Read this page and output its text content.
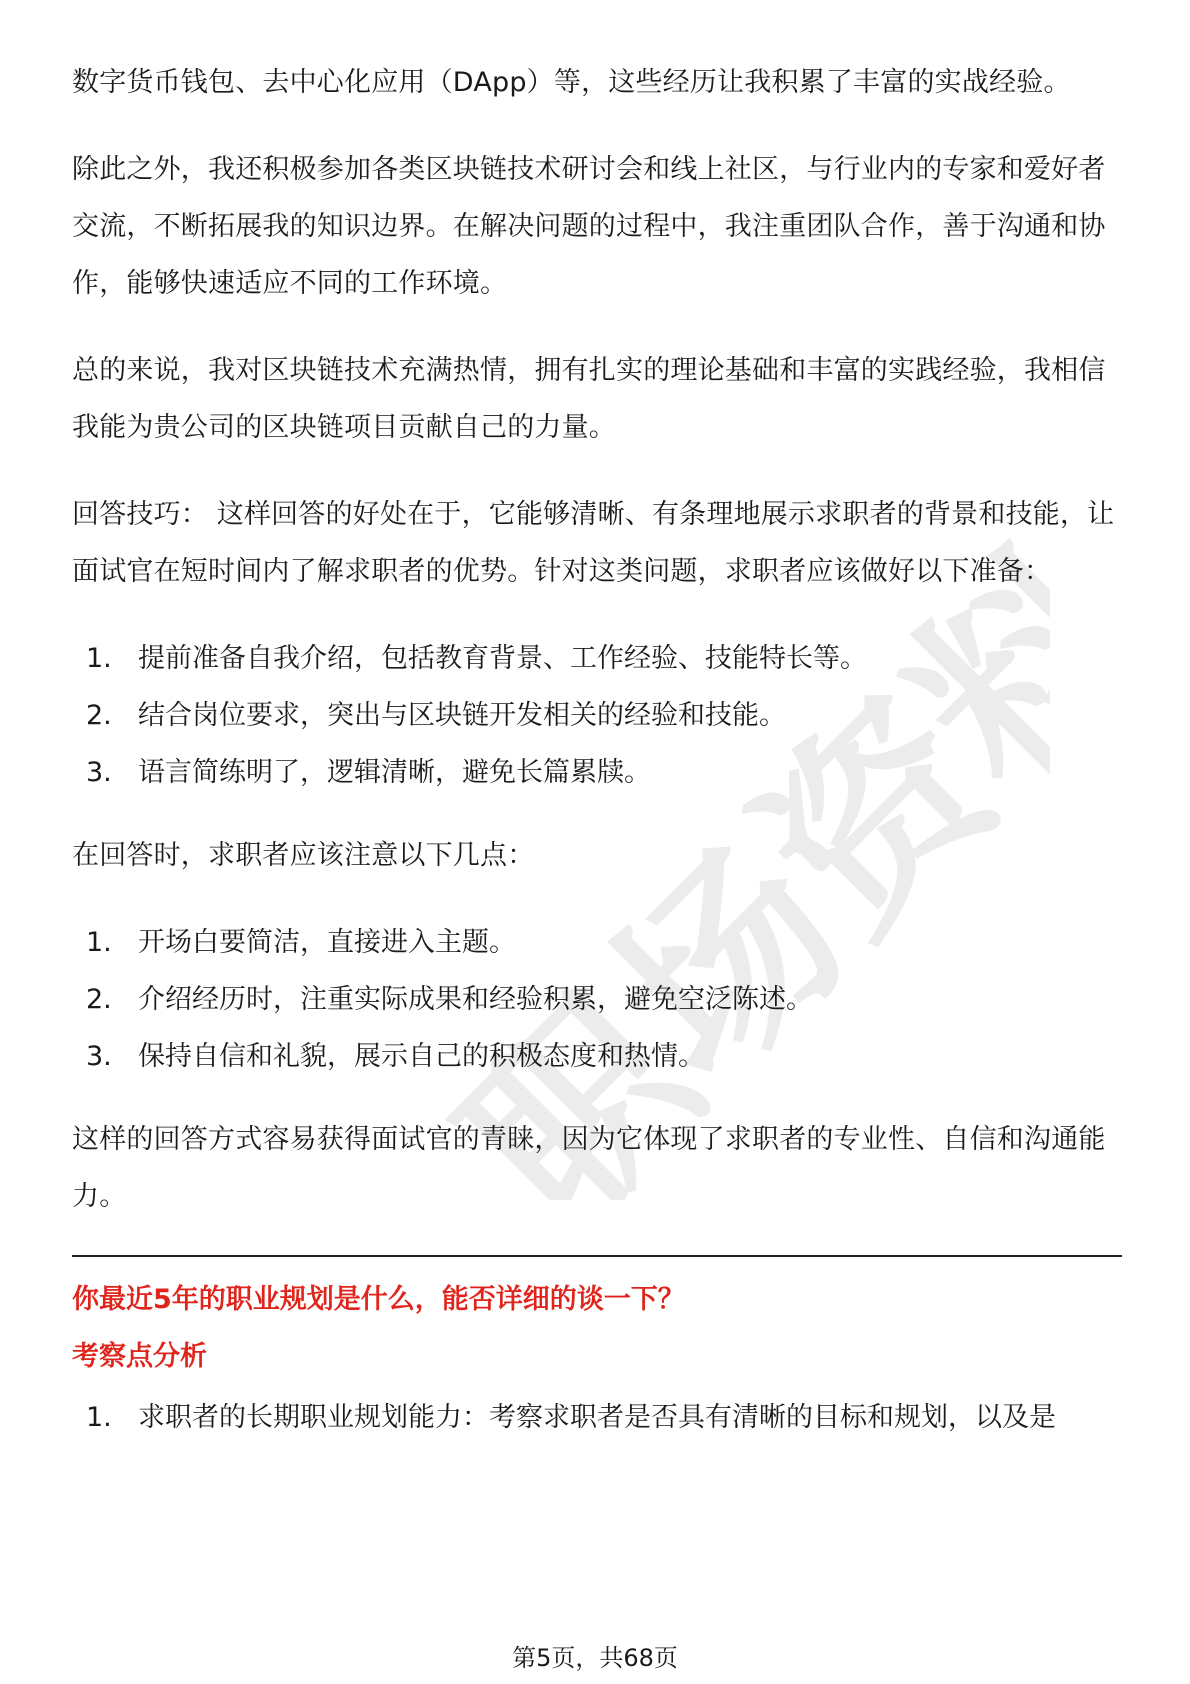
职场资料

数字货币钱包、去中心化应用（DApp）等，这些经历让我积累了丰富的实战经验。

除此之外，我还积极参加各类区块链技术研讨会和线上社区，与行业内的专家和爱好者交流，不断拓展我的知识边界。在解决问题的过程中，我注重团队合作，善于沟通和协作，能够快速适应不同的工作环境。

总的来说，我对区块链技术充满热情，拥有扎实的理论基础和丰富的实践经验，我相信我能为贵公司的区块链项目贡献自己的力量。

回答技巧： 这样回答的好处在于，它能够清晰、有条理地展示求职者的背景和技能，让面试官在短时间内了解求职者的优势。针对这类问题，求职者应该做好以下准备：

1. 提前准备自我介绍，包括教育背景、工作经验、技能特长等。
2. 结合岗位要求，突出与区块链开发相关的经验和技能。
3. 语言简练明了，逻辑清晰，避免长篇累牍。

在回答时，求职者应该注意以下几点：

1. 开场白要简洁，直接进入主题。
2. 介绍经历时，注重实际成果和经验积累，避免空泛陈述。
3. 保持自信和礼貌，展示自己的积极态度和热情。

这样的回答方式容易获得面试官的青睐，因为它体现了求职者的专业性、自信和沟通能力。

你最近5年的职业规划是什么，能否详细的谈一下？

考察点分析

1. 求职者的长期职业规划能力：考察求职者是否具有清晰的目标和规划，以及是
第5页，共68页
